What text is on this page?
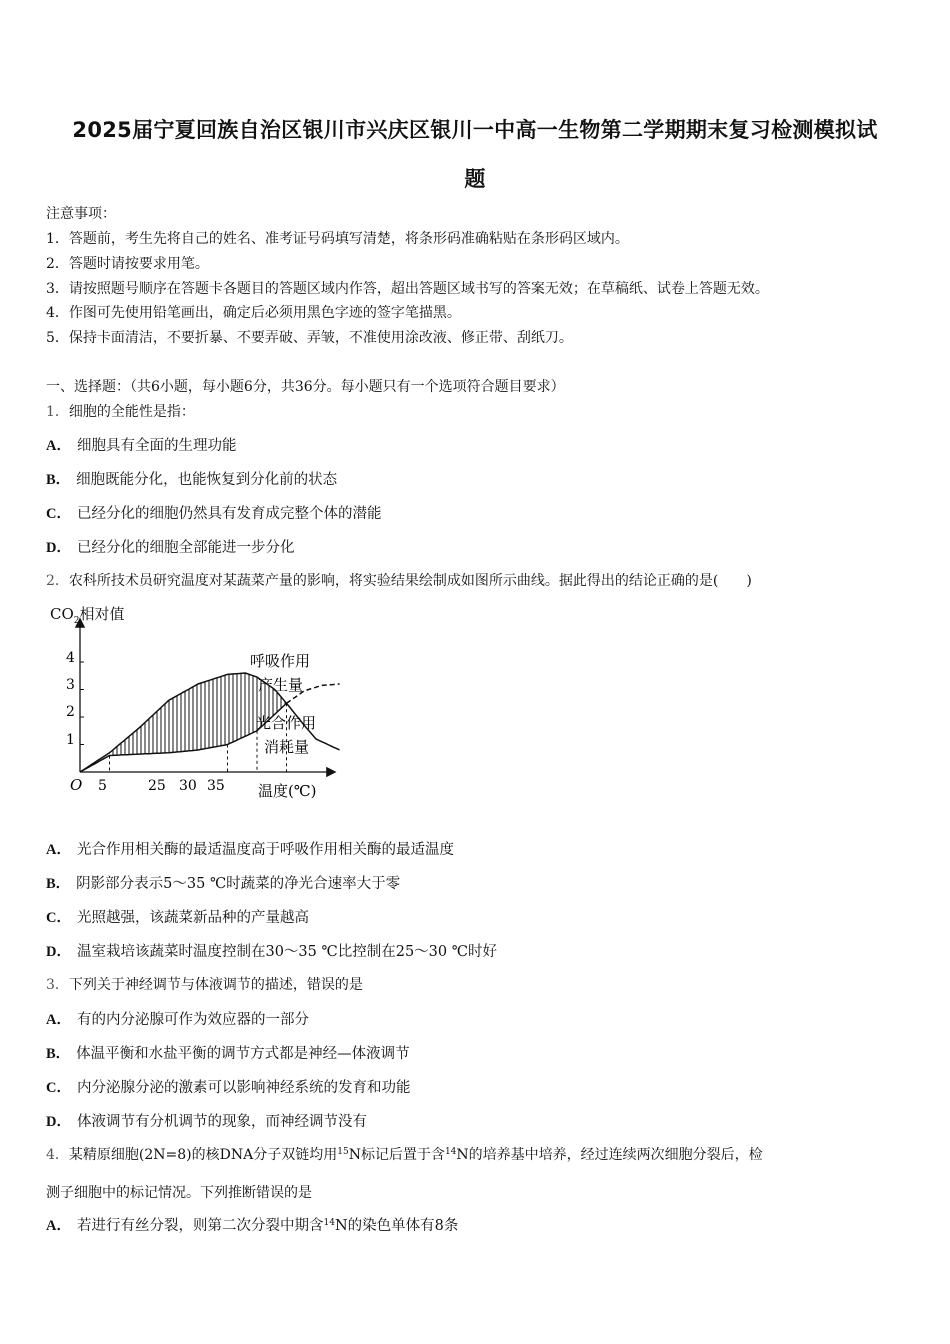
2025届宁夏回族自治区银川市兴庆区银川一中高一生物第二学期期末复习检测模拟试
题
注意事项：
1．答题前，考生先将自己的姓名、准考证号码填写清楚，将条形码准确粘贴在条形码区域内。
2．答题时请按要求用笔。
3．请按照题号顺序在答题卡各题目的答题区域内作答，超出答题区域书写的答案无效；在草稿纸、试卷上答题无效。
4．作图可先使用铅笔画出，确定后必须用黑色字迹的签字笔描黑。
5．保持卡面清洁，不要折暴、不要弄破、弄皱，不准使用涂改液、修正带、刮纸刀。
一、选择题：（共6小题，每小题6分，共36分。每小题只有一个选项符合题目要求）
1．细胞的全能性是指：
A． 细胞具有全面的生理功能
B． 细胞既能分化，也能恢复到分化前的状态
C． 已经分化的细胞仍然具有发育成完整个体的潜能
D． 已经分化的细胞全部能进一步分化
2．农科所技术员研究温度对某蔬菜产量的影响，将实验结果绘制成如图所示曲线。据此得出的结论正确的是(　　)
$CO_2$相对值
4
3
2
1
O 5	25 30 35 温度(℃)
呼吸作用
产生量
光合作用
消耗量
A． 光合作用相关酶的最适温度高于呼吸作用相关酶的最适温度
B． 阴影部分表示5～35 ℃时蔬菜的净光合速率大于零
C． 光照越强，该蔬菜新品种的产量越高
D． 温室栽培该蔬菜时温度控制在30～35 ℃比控制在25～30 ℃时好
3．下列关于神经调节与体液调节的描述，错误的是
A． 有的内分泌腺可作为效应器的一部分
B． 体温平衡和水盐平衡的调节方式都是神经—体液调节
C． 内分泌腺分泌的激素可以影响神经系统的发育和功能
D． 体液调节有分机调节的现象，而神经调节没有
4．某精原细胞(2N=8)的核DNA分子双链均用$^{15}$N标记后置于含$^{14}$N的培养基中培养，经过连续两次细胞分裂后，检
测子细胞中的标记情况。下列推断错误的是
A． 若进行有丝分裂，则第二次分裂中期含$^{14}$N的染色单体有8条
